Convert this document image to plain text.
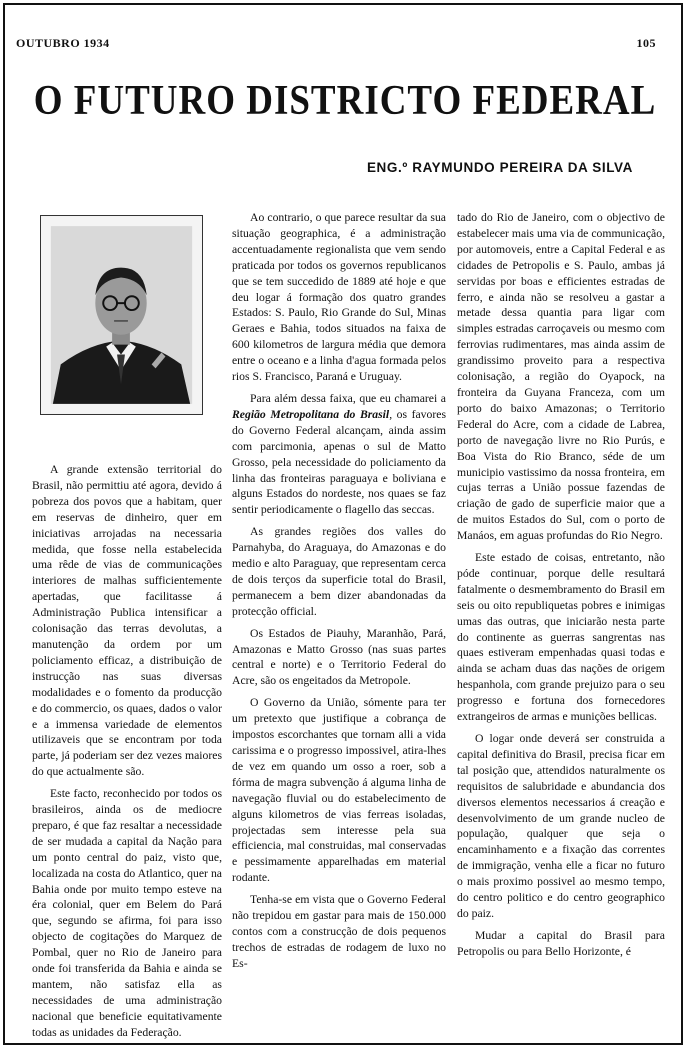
OUTUBRO 1934	105
O FUTURO DISTRICTO FEDERAL
ENG.º RAYMUNDO PEREIRA DA SILVA

A grande extensão territorial do Brasil, não permittiu até agora, devido á pobreza dos povos que a habitam, quer em reservas de dinheiro, quer em iniciativas arrojadas na necessaria medida, que fosse nella estabelecida uma rêde de vias de communicações interiores de malhas sufficientemente apertadas, que facilitasse á Administração Publica intensificar a colonisação das terras devolutas, a manutenção da ordem por um policiamento efficaz, a distribuição de instrucção nas suas diversas modalidades e o fomento da producção e do commercio, os quaes, dados o valor e a immensa variedade de elementos utilizaveis que se encontram por toda parte, já poderiam ser dez vezes maiores do que actualmente são.

Este facto, reconhecido por todos os brasileiros, ainda os de mediocre preparo, é que faz resaltar a necessidade de ser mudada a capital da Nação para um ponto central do paiz, visto que, localizada na costa do Atlantico, quer na Bahia onde por muito tempo esteve na éra colonial, quer em Belem do Pará que, segundo se afirma, foi para isso objecto de cogitações do Marquez de Pombal, quer no Rio de Janeiro para onde foi transferida da Bahia e ainda se mantem, não satisfaz ella as necessidades de uma administração nacional que beneficie equitativamente todas as unidades da Federação.

Ao contrario, o que parece resultar da sua situação geographica, é a administração accentuadamente regionalista que vem sendo praticada por todos os governos republicanos que se tem succedido de 1889 até hoje e que deu logar á formação dos quatro grandes Estados: S. Paulo, Rio Grande do Sul, Minas Geraes e Bahia, todos situados na faixa de 600 kilometros de largura média que demora entre o oceano e a linha d'agua formada pelos rios S. Francisco, Paraná e Uruguay.

Para além dessa faixa, que eu chamarei a Região Metropolitana do Brasil, os favores do Governo Federal alcançam, ainda assim com parcimonia, apenas o sul de Matto Grosso, pela necessidade do policiamento da linha das fronteiras paraguaya e boliviana e alguns Estados do nordeste, nos quaes se faz sentir periodicamente o flagello das seccas.

As grandes regiões dos valles do Parnahyba, do Araguaya, do Amazonas e do medio e alto Paraguay, que representam cerca de dois terços da superficie total do Brasil, permanecem a bem dizer abandonadas da protecção official.

Os Estados de Piauhy, Maranhão, Pará, Amazonas e Matto Grosso (nas suas partes central e norte) e o Territorio Federal do Acre, são os engeitados da Metropole.

O Governo da União, sómente para ter um pretexto que justifique a cobrança de impostos escorchantes que tornam alli a vida carissima e o progresso impossivel, atira-lhes de vez em quando um osso a roer, sob a fórma de magra subvenção á alguma linha de navegação fluvial ou do estabelecimento de alguns kilometros de vias ferreas isoladas, projectadas sem interesse pela sua efficiencia, mal construidas, mal conservadas e pessimamente apparelhadas em material rodante.

Tenha-se em vista que o Governo Federal não trepidou em gastar para mais de 150.000 contos com a construcção de dois pequenos trechos de estradas de rodagem de luxo no Es-

tado do Rio de Janeiro, com o objectivo de estabelecer mais uma via de communicação, por automoveis, entre a Capital Federal e as cidades de Petropolis e S. Paulo, ambas já servidas por boas e efficientes estradas de ferro, e ainda não se resolveu a gastar a metade dessa quantia para ligar com simples estradas carroçaveis ou mesmo com ferrovias rudimentares, mas ainda assim de grandissimo proveito para a respectiva colonisação, a região do Oyapock, na fronteira da Guyana Franceza, com um porto do baixo Amazonas; o Territorio Federal do Acre, com a cidade de Labrea, porto de navegação livre no Rio Purús, e Boa Vista do Rio Branco, séde de um municipio vastissimo da nossa fronteira, em cujas terras a União possue fazendas de criação de gado de superficie maior que a de muitos Estados do Sul, com o porto de Manáos, em aguas profundas do Rio Negro.

Este estado de coisas, entretanto, não póde continuar, porque delle resultará fatalmente o desmembramento do Brasil em seis ou oito republiquetas pobres e inimigas umas das outras, que iniciarão nesta parte do continente as guerras sangrentas nas quaes estiveram empenhadas quasi todas e ainda se acham duas das nações de origem hespanhola, com grande prejuizo para o seu progresso e fortuna dos fornecedores extrangeiros de armas e munições bellicas.

O logar onde deverá ser construida a capital definitiva do Brasil, precisa ficar em tal posição que, attendidos naturalmente os requisitos de salubridade e abundancia dos diversos elementos necessarios á creação e desenvolvimento de um grande nucleo de população, qualquer que seja o encaminhamento e a fixação das correntes de immigração, venha elle a ficar no futuro o mais proximo possivel ao mesmo tempo, do centro politico e do centro geographico do paiz.

Mudar a capital do Brasil para Petropolis ou para Bello Horizonte, é
